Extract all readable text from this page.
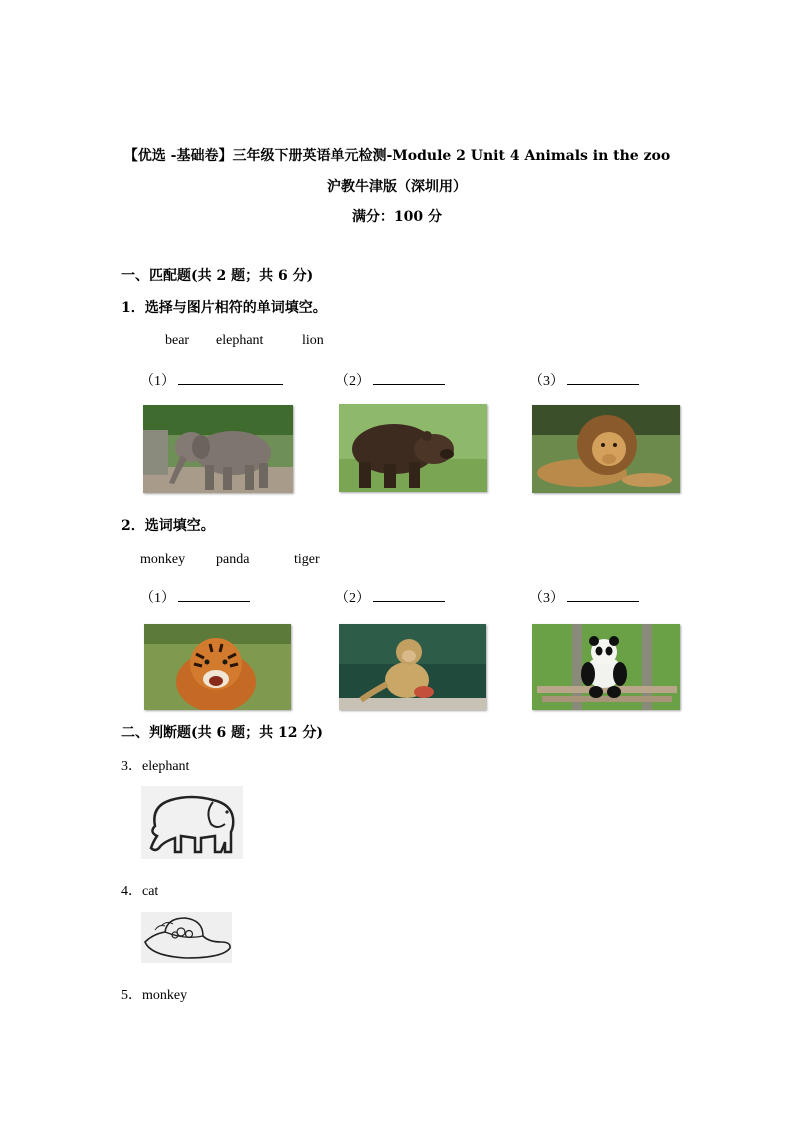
【优选 -基础卷】三年级下册英语单元检测-Module 2 Unit 4 Animals in the zoo
沪教牛津版（深圳用）
满分：100 分
一、匹配题(共 2 题；共 6 分)
1．选择与图片相符的单词填空。
bear elephant	lion
（1）	（2）	（3）
2．选词填空。
monkey panda	tiger
（1）	（2）	（3）
二、判断题(共 6 题；共 12 分)
3．elephant
4．cat
5．monkey
